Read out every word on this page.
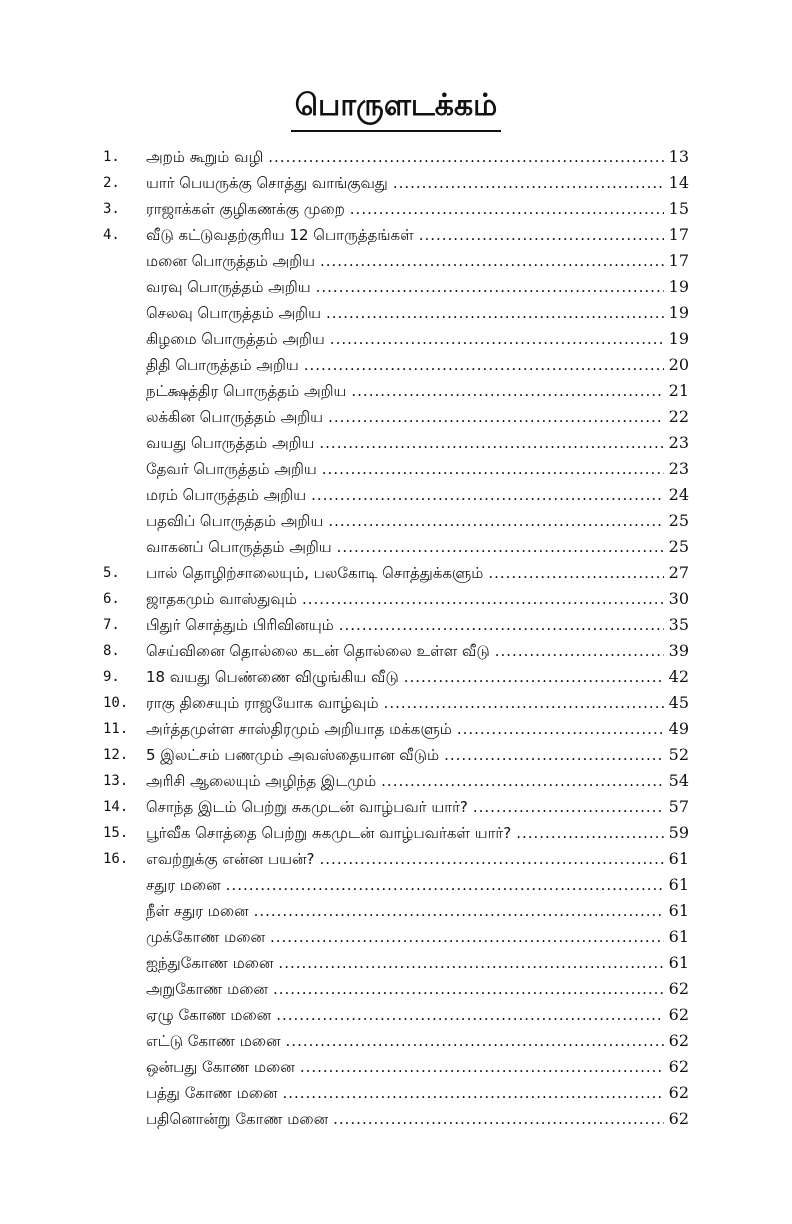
பொருளடக்கம்
1.	அறம் கூறும் வழி .....	13
2.	யார் பெயருக்கு சொத்து வாங்குவது .....	14
3.	ராஜாக்கள் குழிகணக்கு முறை .....	15
4.	வீடு கட்டுவதற்குரிய 12 பொருத்தங்கள் .....	17
மனை பொருத்தம் அறிய .....	17
வரவு பொருத்தம் அறிய .....	19
செலவு பொருத்தம் அறிய .....	19
கிழமை பொருத்தம் அறிய .....	19
திதி பொருத்தம் அறிய .....	20
நட்க்ஷத்திர பொருத்தம் அறிய .....	21
லக்கின பொருத்தம் அறிய .....	22
வயது பொருத்தம் அறிய .....	23
தேவர் பொருத்தம் அறிய .....	23
மரம் பொருத்தம் அறிய .....	24
பதவிப் பொருத்தம் அறிய .....	25
வாகனப் பொருத்தம் அறிய .....	25
5.	பால் தொழிற்சாலையும், பலகோடி சொத்துக்களும் .....	27
6.	ஜாதகமும் வாஸ்துவும் .....	30
7.	பிதுர் சொத்தும் பிரிவினயும் .....	35
8.	செய்வினை தொல்லை கடன் தொல்லை உள்ள வீடு .....	39
9.	18 வயது பெண்ணை விழுங்கிய வீடு .....	42
10.	ராகு திசையும் ராஜயோக வாழ்வும் .....	45
11.	அர்த்தமுள்ள சாஸ்திரமும் அறியாத மக்களும் .....	49
12.	5 இலட்சம் பணமும் அவஸ்தையான வீடும் .....	52
13.	அரிசி ஆலையும் அழிந்த இடமும் .....	54
14.	சொந்த இடம் பெற்று சுகமுடன் வாழ்பவர் யார்? .....	57
15.	பூர்வீக சொத்தை பெற்று சுகமுடன் வாழ்பவர்கள் யார்? .....	59
16.	எவற்றுக்கு என்ன பயன்? .....	61
சதுர மனை .....	61
நீள் சதுர மனை .....	61
முக்கோண மனை .....	61
ஐந்துகோண மனை .....	61
அறுகோண மனை .....	62
ஏழு கோண மனை .....	62
எட்டு கோண மனை .....	62
ஒன்பது கோண மனை .....	62
பத்து கோண மனை .....	62
பதினொன்று கோண மனை .....	62
